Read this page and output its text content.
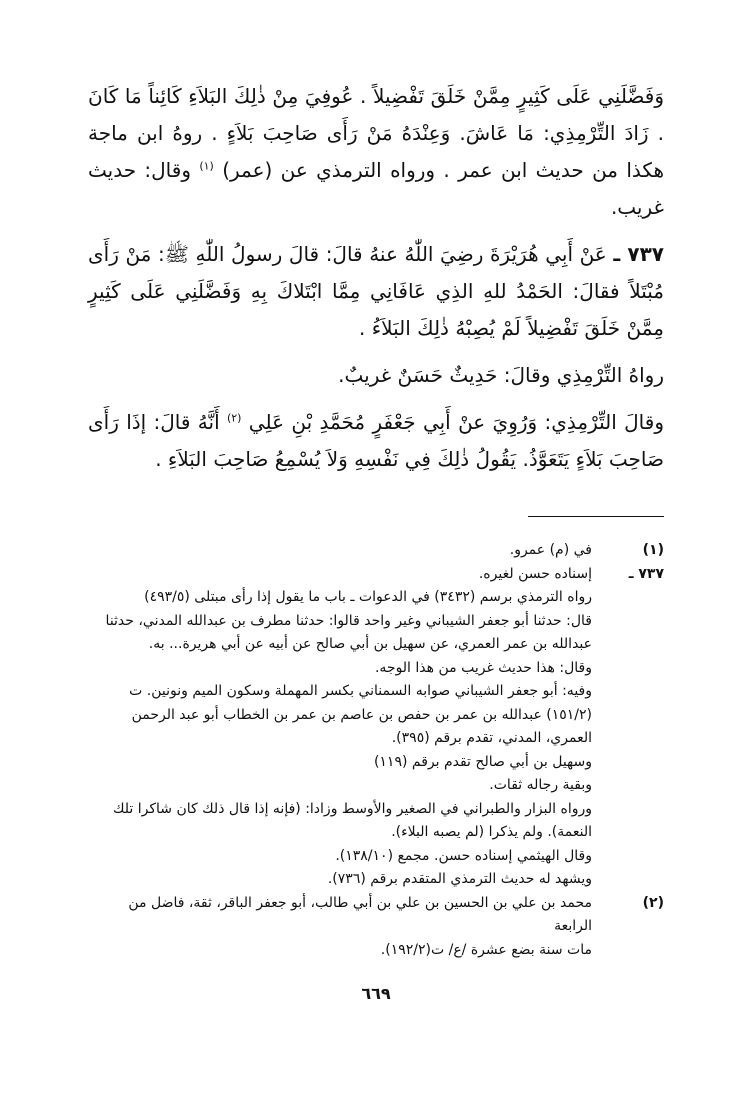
وَفَضَّلَنِي عَلَى كَثِيرٍ مِمَّنْ خَلَقَ تَفْضِيلاً . عُوفِيَ مِنْ ذٰلِكَ البَلاَءِ كَائِناً مَا كَانَ . زَادَ التِّرْمِذِي: مَا عَاشَ. وَعِنْدَهُ مَنْ رَأَى صَاحِبَ بَلاَءٍ . روهُ ابن ماجة هكذا من حديث ابن عمر . ورواه الترمذي عن (عمر) $^{(١)}$ وقال: حديث غريب.

٧٣٧ ـ عَنْ أَبِي هُرَيْرَةَ رضِيَ اللّٰهُ عنهُ قالَ: قالَ رسولُ اللّٰهِ ﷺ: مَنْ رَأَى مُبْتَلاً فقالَ: الحَمْدُ للهِ الذِي عَافَانِي مِمَّا ابْتَلاكَ بِهِ وَفَضَّلَنِي عَلَى كَثِيرٍ مِمَّنْ خَلَقَ تَفْضِيلاً لَمْ يُصِبْهُ ذٰلِكَ البَلاَءُ .

رواهُ التِّرْمِذِي وقالَ: حَدِيثٌ حَسَنٌ غريبٌ.

وقالَ التِّرْمِذِي: وَرُوِيَ عنْ أَبِي جَعْفَرٍ مُحَمَّدِ بْنِ عَلِي $^{(٢)}$ أَنَّهُ قالَ: إذَا رَأَى صَاحِبَ بَلاَءٍ يَتَعَوَّذُ. يَقُولُ ذٰلِكَ فِي نَفْسِهِ وَلاَ يُسْمِعُ صَاحِبَ البَلاَءِ .

(١)
في (م) عمرو.
٧٣٧ ـ
إسناده حسن لغيره.
رواه الترمذي برسم (٣٤٣٢) في الدعوات ـ باب ما يقول إذا رأى مبتلى (٤٩٣/٥)
قال: حدثنا أبو جعفر الشيباني وغير واحد قالوا: حدثنا مطرف بن عبدالله المدني، حدثنا
عبدالله بن عمر العمري، عن سهيل بن أبي صالح عن أبيه عن أبي هريرة... به.
وقال: هذا حديث غريب من هذا الوجه.
وفيه: أبو جعفر الشيباني صوابه السمناني بكسر المهملة وسكون الميم ونونين. ت
(١٥١/٢) عبدالله بن عمر بن حفص بن عاصم بن عمر بن الخطاب أبو عبد الرحمن
العمري، المدني، تقدم برقم (٣٩٥).
وسهيل بن أبي صالح تقدم برقم (١١٩)
وبقية رجاله ثقات.
ورواه البزار والطبراني في الصغير والأوسط وزادا: (فإنه إذا قال ذلك كان شاكرا تلك
النعمة). ولم يذكرا (لم يصبه البلاء).
وقال الهيثمي إسناده حسن. مجمع (١٣٨/١٠).
ويشهد له حديث الترمذي المتقدم برقم (٧٣٦).
(٢)
محمد بن علي بن الحسين بن علي بن أبي طالب، أبو جعفر الباقر، ثقة، فاضل من الرابعة
مات سنة بضع عشرة /ع/ ت(١٩٢/٢).
٦٦٩
